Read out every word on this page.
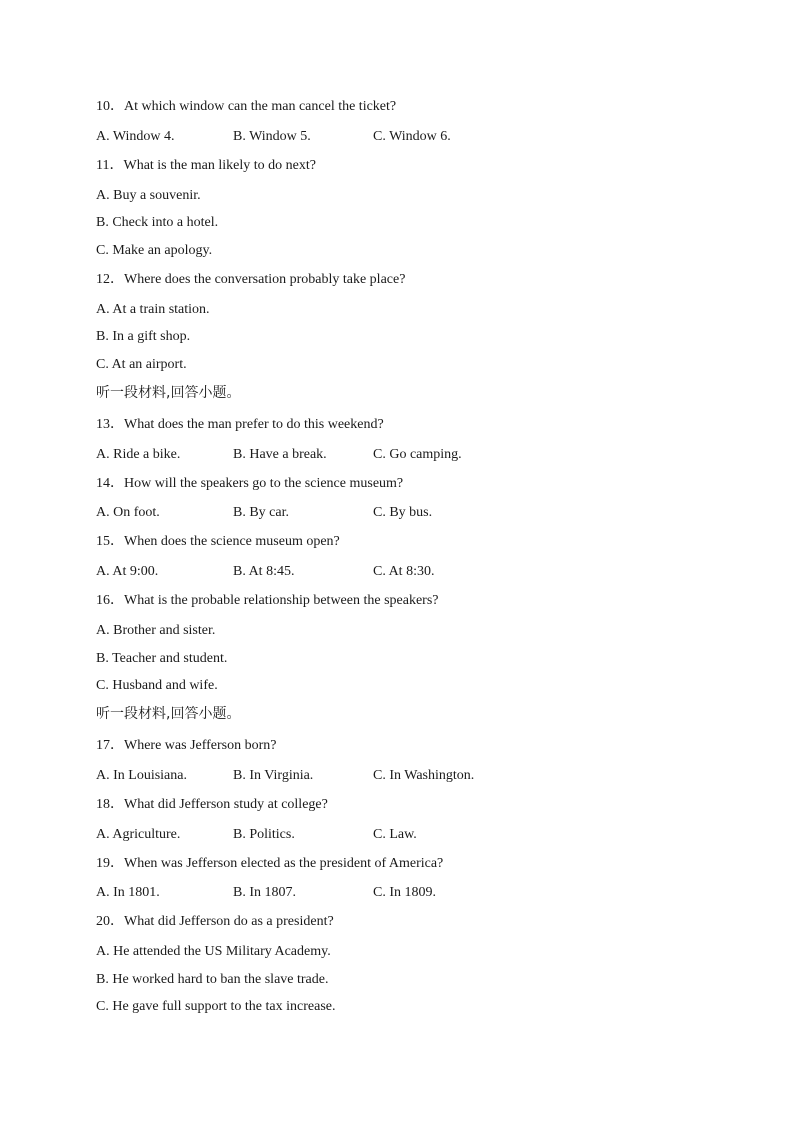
10．At which window can the man cancel the ticket?
A. Window 4.	B. Window 5.	C. Window 6.
11．What is the man likely to do next?
A. Buy a souvenir.
B. Check into a hotel.
C. Make an apology.
12．Where does the conversation probably take place?
A. At a train station.
B. In a gift shop.
C. At an airport.
听一段材料,回答小题。
13．What does the man prefer to do this weekend?
A. Ride a bike.	B. Have a break.	C. Go camping.
14．How will the speakers go to the science museum?
A. On foot.	B. By car.	C. By bus.
15．When does the science museum open?
A. At 9:00.	B. At 8:45.	C. At 8:30.
16．What is the probable relationship between the speakers?
A. Brother and sister.
B. Teacher and student.
C. Husband and wife.
听一段材料,回答小题。
17．Where was Jefferson born?
A. In Louisiana.	B. In Virginia.	C. In Washington.
18．What did Jefferson study at college?
A. Agriculture.	B. Politics.	C. Law.
19．When was Jefferson elected as the president of America?
A. In 1801.	B. In 1807.	C. In 1809.
20．What did Jefferson do as a president?
A. He attended the US Military Academy.
B. He worked hard to ban the slave trade.
C. He gave full support to the tax increase.
